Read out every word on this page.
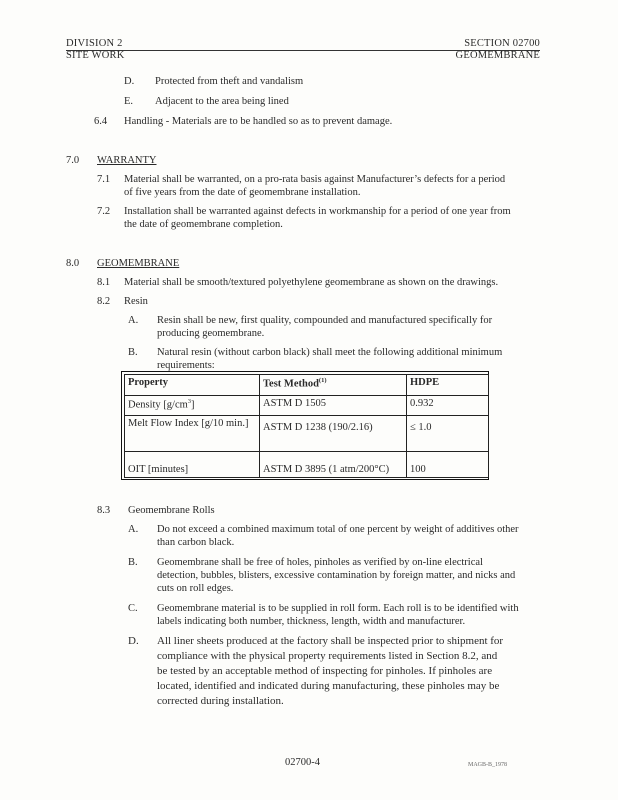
DIVISION 2
SITE WORK
SECTION 02700
GEOMEMBRANE
D. Protected from theft and vandalism
E. Adjacent to the area being lined
6.4 Handling - Materials are to be handled so as to prevent damage.
7.0 WARRANTY
7.1 Material shall be warranted, on a pro-rata basis against Manufacturer’s defects for a period
of five years from the date of geomembrane installation.
7.2 Installation shall be warranted against defects in workmanship for a period of one year from
the date of geomembrane completion.
8.0 GEOMEMBRANE
8.1 Material shall be smooth/textured polyethylene geomembrane as shown on the drawings.
8.2 Resin
A. Resin shall be new, first quality, compounded and manufactured specifically for
producing geomembrane.
B. Natural resin (without carbon black) shall meet the following additional minimum
requirements:
Property	Test Method$^{(1)}$	HDPE
Density $[g/cm^3]$	ASTM D 1505	0.932
Melt Flow Index [g/10 min.]	ASTM D 1238 (190/2.16)	≤ 1.0
OIT [minutes]	ASTM D 3895 (1 atm/200°C)	100
8.3 Geomembrane Rolls
A. Do not exceed a combined maximum total of one percent by weight of additives other
than carbon black.
B. Geomembrane shall be free of holes, pinholes as verified by on-line electrical
detection, bubbles, blisters, excessive contamination by foreign matter, and nicks and
cuts on roll edges.
C. Geomembrane material is to be supplied in roll form. Each roll is to be identified with
labels indicating both number, thickness, length, width and manufacturer.
D. All liner sheets produced at the factory shall be inspected prior to shipment for
compliance with the physical property requirements listed in Section 8.2, and
be tested by an acceptable method of inspecting for pinholes. If pinholes are
located, identified and indicated during manufacturing, these pinholes may be
corrected during installation.
02700-4	MAGB-B_1978
